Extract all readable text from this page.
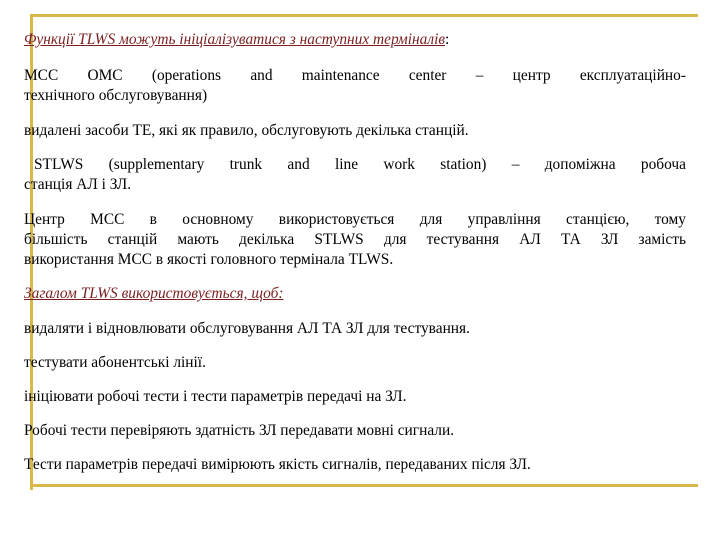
Функції TLWS можуть ініціалізуватися з наступних терміналів:

МСС OMC (operations and maintenance center – центр експлуатаційно-

технічного обслуговування)

видалені засоби ТЕ, які як правило, обслуговують декілька станцій.

STLWS (supplementary trunk and line work station) – допоміжна робоча

станція АЛ і ЗЛ.

Центр МСС в основному використовується для управління станцією, тому

більшість станцій мають декілька STLWS для тестування АЛ ТА ЗЛ замість

використання МСС в якості головного термінала TLWS.

Загалом TLWS використовується, щоб:

видаляти і відновлювати обслуговування АЛ ТА ЗЛ для тестування.

тестувати абонентські лінії.

ініціювати робочі тести і тести параметрів передачі на ЗЛ.

Робочі тести перевіряють здатність ЗЛ передавати мовні сигнали.

Тести параметрів передачі вимірюють якість сигналів, передаваних після ЗЛ.
